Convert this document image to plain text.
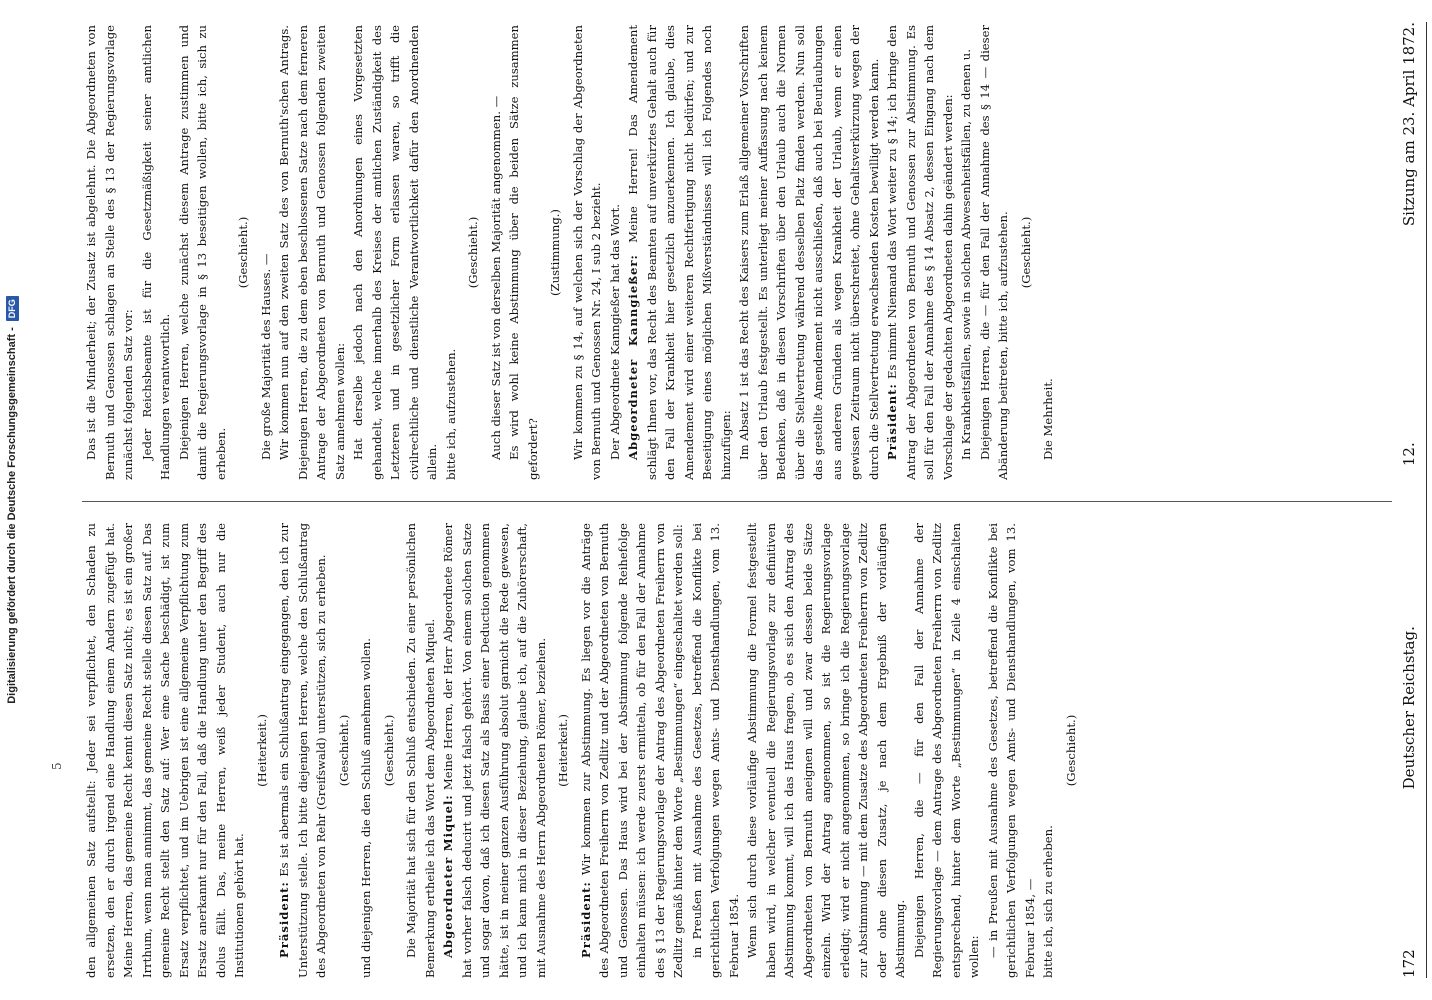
Digitalisierung gefördert durch die Deutsche Forschungsgemeinschaft -
DFG
172
Deutscher Reichstag.
12.
Sitzung am 23. April 1872.

den allgemeinen Satz aufstellt: Jeder sei verpflichtet, den Schaden zu ersetzen, den er durch irgend eine Handlung einem Andern zugefügt hat. Meine Herren, das gemeine Recht kennt diesen Satz nicht; es ist ein großer Irrthum, wenn man annimmt, das gemeine Recht stelle diesen Satz auf. Das gemeine Recht stellt den Satz auf: Wer eine Sache beschädigt, ist zum Ersatz verpflichtet, und im Uebrigen ist eine allgemeine Verpflichtung zum Ersatz anerkannt nur für den Fall, daß die Handlung unter den Begriff des dolus fällt. Das, meine Herren, weiß jeder Student, auch nur die Institutionen gehört hat.

(Heiterkeit.)

Präsident: Es ist abermals ein Schlußantrag eingegangen, den ich zur Unterstützung stelle. Ich bitte diejenigen Herren, welche den Schlußantrag des Abgeordneten von Rehr (Greifswald) unterstützen, sich zu erheben. (Geschieht.) und diejenigen Herren, die den Schluß annehmen wollen. (Geschieht.) Die Majorität hat sich für den Schluß entschieden. Zu einer persönlichen Bemerkung ertheile ich das Wort dem Abgeordneten Miquel. Abgeordneter Miquel: Meine Herren, der Herr Abgeordnete Römer hat vorher falsch deducirt und jetzt falsch gehört. Von einem solchen Satze und sogar davon, daß ich diesen Satz als Basis einer Deduction genommen hätte, ist in meiner ganzen Ausführung absolut garnicht die Rede gewesen, und ich kann mich in dieser Beziehung, glaube ich, auf die Zuhörerschaft, mit Ausnahme des Herrn Abgeordneten Römer, beziehen. (Heiterkeit.)

Präsident: Wir kommen zur Abstimmung. Es liegen vor die Anträge des Abgeordneten Freiherrn von Zedlitz und der Abgeordneten von Bernuth und Genossen. Das Haus wird bei der Abstimmung folgende Reihefolge einhalten müssen: ich werde zuerst ermitteln, ob für den Fall der Annahme des § 13 der Regierungsvorlage der Antrag des Abgeordneten Freiherrn von Zedlitz gemäß hinter dem Worte „Bestimmungen“ eingeschaltet werden soll: in Preußen mit Ausnahme des Gesetzes, betreffend die Konflikte bei gerichtlichen Verfolgungen wegen Amts- und Diensthandlungen, vom 13. Februar 1854. Wenn sich durch diese vorläufige Abstimmung die Formel festgestellt haben wird, in welcher eventuell die Regierungsvorlage zur definitiven Abstimmung kommt, will ich das Haus fragen, ob es sich den Antrag des Abgeordneten von Bernuth aneignen will und zwar dessen beide Sätze einzeln. Wird der Antrag angenommen, so ist die Regierungsvorlage erledigt; wird er nicht angenommen, so bringe ich die Regierungsvorlage zur Abstimmung — mit dem Zusatze des Abgeordneten Freiherrn von Zedlitz oder ohne diesen Zusatz, je nach dem Ergebniß der vorläufigen Abstimmung. Diejenigen Herren, die — für den Fall der Annahme der Regierungsvorlage — dem Antrage des Abgeordneten Freiherrn von Zedlitz entsprechend, hinter dem Worte „Bestimmungen“ in Zeile 4 einschalten wollen: — in Preußen mit Ausnahme des Gesetzes, betreffend die Konflikte bei gerichtlichen Verfolgungen wegen Amts- und Diensthandlungen, vom 13. Februar 1854, — bitte ich, sich zu erheben.

(Geschieht.)

Das ist die Minderheit; der Zusatz ist abgelehnt. Die Abgeordneten von Bernuth und Genossen schlagen an Stelle des § 13 der Regierungsvorlage zunächst folgenden Satz vor: Jeder Reichsbeamte ist für die Gesetzmäßigkeit seiner amtlichen Handlungen verantwortlich. Diejenigen Herren, welche zunächst diesem Antrage zustimmen und damit die Regierungsvorlage in § 13 beseitigen wollen, bitte ich, sich zu erheben.

(Geschieht.)

Die große Majorität des Hauses. — Wir kommen nun auf den zweiten Satz des von Bernuth'schen Antrags. Diejenigen Herren, die zu dem eben beschlossenen Satze nach dem ferneren Antrage der Abgeordneten von Bernuth und Genossen folgenden zweiten Satz annehmen wollen: Hat derselbe jedoch nach den Anordnungen eines Vorgesetzten gehandelt, welche innerhalb des Kreises der amtlichen Zuständigkeit des Letzteren und in gesetzlicher Form erlassen waren, so trifft die civilrechtliche und dienstliche Verantwortlichkeit dafür den Anordnenden allein. bitte ich, aufzustehen.

(Geschieht.) Auch dieser Satz ist von derselben Majorität angenommen. — Es wird wohl keine Abstimmung über die beiden Sätze zusammen gefordert?

(Zustimmung.) Wir kommen zu § 14, auf welchen sich der Vorschlag der Abgeordneten von Bernuth und Genossen Nr. 24, I sub 2 bezieht. Der Abgeordnete Kanngießer hat das Wort. Abgeordneter Kanngießer: Meine Herren! Das Amendement schlägt Ihnen vor, das Recht des Beamten auf unverkürztes Gehalt auch für den Fall der Krankheit hier gesetzlich anzuerkennen. Ich glaube, dies Amendement wird einer weiteren Rechtfertigung nicht bedürfen; und zur Beseitigung eines möglichen Mißverständnisses will ich Folgendes noch hinzufügen: Im Absatz 1 ist das Recht des Kaisers zum Erlaß allgemeiner Vorschriften über den Urlaub festgestellt. Es unterliegt meiner Auffassung nach keinem Bedenken, daß in diesen Vorschriften über den Urlaub auch die Normen über die Stellvertretung während desselben Platz finden werden. Nun soll das gestellte Amendement nicht ausschließen, daß auch bei Beurlaubungen aus anderen Gründen als wegen Krankheit der Urlaub, wenn er einen gewissen Zeitraum nicht überschreitet, ohne Gehaltsverkürzung wegen der durch die Stellvertretung erwachsenden Kosten bewilligt werden kann. Präsident: Es nimmt Niemand das Wort weiter zu § 14; ich bringe den Antrag der Abgeordneten von Bernuth und Genossen zur Abstimmung. Es soll für den Fall der Annahme des § 14 Absatz 2, dessen Eingang nach dem Vorschlage der gedachten Abgeordneten dahin geändert werden: In Krankheitsfällen, sowie in solchen Abwesenheitsfällen, zu denen u. Diejenigen Herren, die — für den Fall der Annahme des § 14 — dieser Abänderung beitreten, bitte ich, aufzustehen. (Geschieht.)

Die Mehrheit.

5
